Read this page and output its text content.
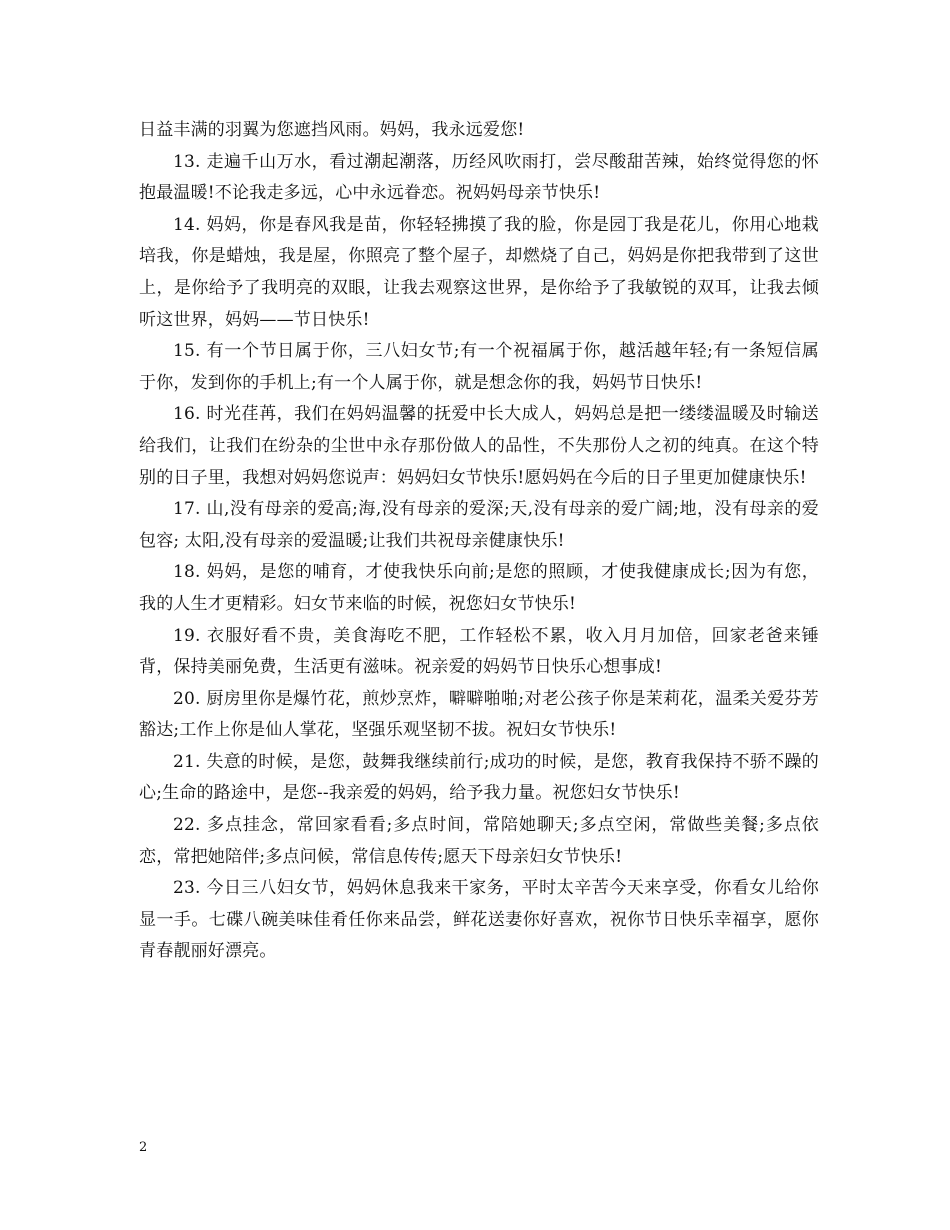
日益丰满的羽翼为您遮挡风雨。妈妈，我永远爱您!

13. 走遍千山万水，看过潮起潮落，历经风吹雨打，尝尽酸甜苦辣，始终觉得您的怀抱最温暖!不论我走多远，心中永远眷恋。祝妈妈母亲节快乐!

14. 妈妈，你是春风我是苗，你轻轻拂摸了我的脸，你是园丁我是花儿，你用心地栽培我，你是蜡烛，我是屋，你照亮了整个屋子，却燃烧了自己，妈妈是你把我带到了这世上，是你给予了我明亮的双眼，让我去观察这世界，是你给予了我敏锐的双耳，让我去倾听这世界，妈妈——节日快乐!

15. 有一个节日属于你，三八妇女节;有一个祝福属于你，越活越年轻;有一条短信属于你，发到你的手机上;有一个人属于你，就是想念你的我，妈妈节日快乐!

16. 时光荏苒，我们在妈妈温馨的抚爱中长大成人，妈妈总是把一缕缕温暖及时输送给我们，让我们在纷杂的尘世中永存那份做人的品性，不失那份人之初的纯真。在这个特别的日子里，我想对妈妈您说声：妈妈妇女节快乐!愿妈妈在今后的日子里更加健康快乐!

17. 山,没有母亲的爱高;海,没有母亲的爱深;天,没有母亲的爱广阔;地，没有母亲的爱包容; 太阳,没有母亲的爱温暖;让我们共祝母亲健康快乐!

18. 妈妈，是您的哺育，才使我快乐向前;是您的照顾，才使我健康成长;因为有您，我的人生才更精彩。妇女节来临的时候，祝您妇女节快乐!

19. 衣服好看不贵，美食海吃不肥，工作轻松不累，收入月月加倍，回家老爸来锤背，保持美丽免费，生活更有滋味。祝亲爱的妈妈节日快乐心想事成!

20. 厨房里你是爆竹花，煎炒烹炸，噼噼啪啪;对老公孩子你是茉莉花，温柔关爱芬芳豁达;工作上你是仙人掌花，坚强乐观坚韧不拔。祝妇女节快乐!

21. 失意的时候，是您，鼓舞我继续前行;成功的时候，是您，教育我保持不骄不躁的心;生命的路途中，是您--我亲爱的妈妈，给予我力量。祝您妇女节快乐!

22. 多点挂念，常回家看看;多点时间，常陪她聊天;多点空闲，常做些美餐;多点依恋，常把她陪伴;多点问候，常信息传传;愿天下母亲妇女节快乐!

23. 今日三八妇女节，妈妈休息我来干家务，平时太辛苦今天来享受，你看女儿给你显一手。七碟八碗美味佳肴任你来品尝，鲜花送妻你好喜欢，祝你节日快乐幸福享，愿你青春靓丽好漂亮。

2
